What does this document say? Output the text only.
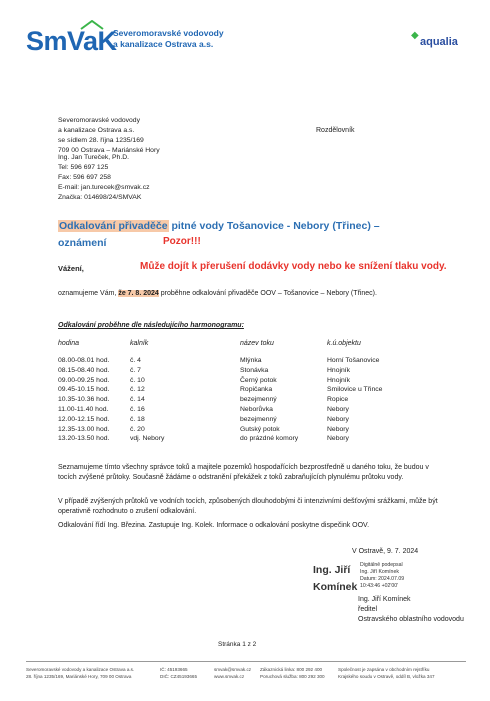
SmVaK
Severomoravské vodovody
a kanalizace Ostrava a.s.
◆
aqualia
Severomoravské vodovody
a kanalizace Ostrava a.s.
se sídlem 28. října 1235/169
709 00 Ostrava – Mariánské Hory
Rozdělovník
Ing. Jan Tureček, Ph.D.
Tel: 596 697 125
Fax: 596 697 258
E-mail: jan.turecek@smvak.cz
Značka: 014698/24/SMVAK
Odkalování přivaděče pitné vody Tošanovice - Nebory (Třinec) –
oznámení	Pozor!!!
Vážení,	Může dojít k přerušení dodávky vody nebo ke snížení tlaku vody.
oznamujeme Vám, že 7. 8. 2024 proběhne odkalování přivaděče OOV – Tošanovice – Nebory (Třinec).
Odkalování proběhne dle následujícího harmonogramu:
hodina	kalník	název toku	k.ú.objektu
08.00-08.01 hod.	č. 4	Mlýnka	Horní Tošanovice
08.15-08.40 hod.	č. 7	Stonávka	Hnojník
09.00-09.25 hod.	č. 10	Černý potok	Hnojník
09.45-10.15 hod.	č. 12	Ropičanka	Smilovice u Třince
10.35-10.36 hod.	č. 14	bezejmenný	Ropice
11.00-11.40 hod.	č. 16	Neborůvka	Nebory
12.00-12.15 hod.	č. 18	bezejmenný	Nebory
12.35-13.00 hod.	č. 20	Gutský potok	Nebory
13.20-13.50 hod.	vdj. Nebory	do prázdné komory	Nebory
Seznamujeme tímto všechny správce toků a majitele pozemků hospodařících bezprostředně u daného toku, že budou v tocích zvýšené průtoky. Současně žádáme o odstranění překážek z toků zabraňujících plynulému průtoku vody.
V případě zvýšených průtoků ve vodních tocích, způsobených dlouhodobými či intenzivními dešťovými srážkami, může být operativně rozhodnuto o zrušení odkalování.
Odkalování řídí Ing. Březina. Zastupuje Ing. Kolek. Informace o odkalování poskytne dispečink OOV.
V Ostravě, 9. 7. 2024
Ing. Jiří
Komínek
Digitálně podepsal
Ing. Jiří Komínek
Datum: 2024.07.09
10:43:46 +02'00'
Ing. Jiří Komínek
ředitel
Ostravského oblastního vodovodu
Stránka 1 z 2
Severomoravské vodovody a kanalizace Ostrava a.s.
28. října 1235/169, Mariánské Hory, 709 00 Ostrava
IČ: 45193665
DIČ: CZ45193665
smvak@smvak.cz
www.smvak.cz
Zákaznická linka: 800 292 400
Poruchová služba: 800 292 300
Společnost je zapsána v obchodním rejstříku
Krajského soudu v Ostravě, oddíl B, vložka 347
